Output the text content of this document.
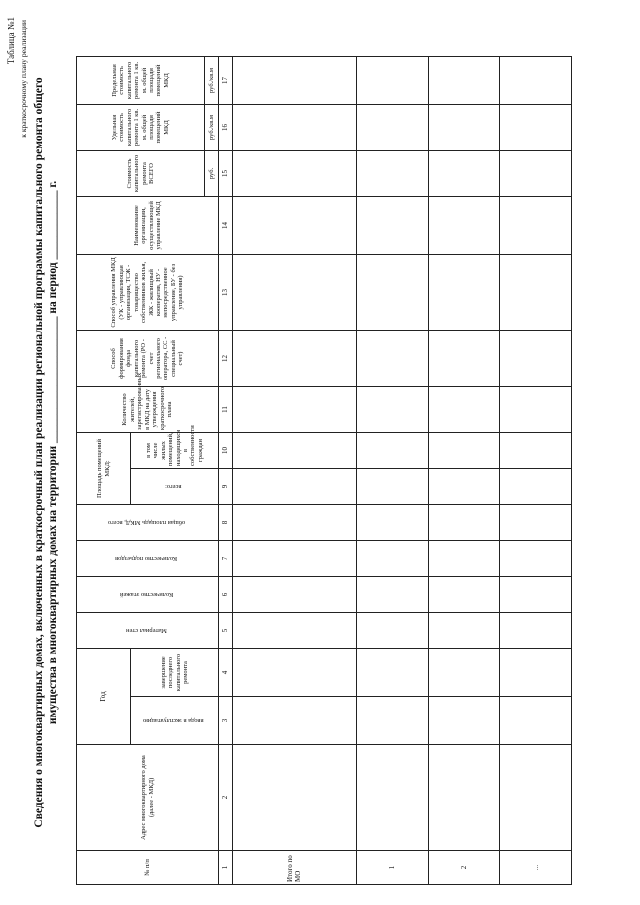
Таблица №1 к краткосрочному плану реализации Сведения о многоквартирных домах, включенных в краткосрочный план реализации региональной программы капитального ремонта общего имущества в многоквартирных домах на территории ______________________ на период ____________ г.
№ п/п	Адрес многоквартирного дома (далее - МКД)	Год		Материал стен	Количество этажей	Количество подъездов	общая площадь МКД, всего	Площадь помещений МКД:		Количество жителей, зарегистрированных в МКД на дату утверждения краткосрочного плана	Способ формирования фонда капитального ремонта (РО - счет регионального оператора, СС - специальный счет)	Способ управления МКД (УК - управляющая организация, ТСЖ - товарищество собственников жилья, ЖК - жилищный кооператив, НУ - непосредственное управление, БУ - без управления)	Наименование организации, осуществляющей управление МКД	Стоимость капитального ремонта ВСЕГО	Удельная стоимость капитального ремонта 1 кв. м. общей площади помещений МКД	Предельная стоимость капитального ремонта 1 кв. м. общей площади помещений МКД
		ввода в эксплуатацию	завершение последнего капитального ремонта					всего:	в том числе жилых помещений, находящихся в собственности граждан							
														руб.	руб./кв.м	руб./кв.м
1	2	3	4	5	6	7	8	9	10	11	12	13	14	15	16	17
Итого по МО																
1																
2																
...																
